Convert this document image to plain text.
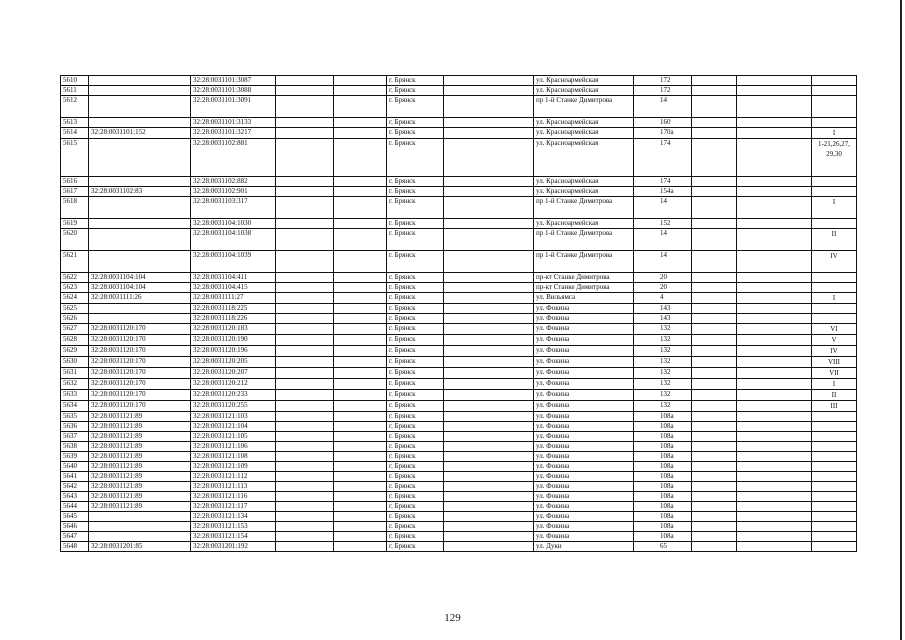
5610		32:28:0031101:3087			г. Брянск		ул. Красноармейская	172			
5611		32:28:0031101:3088			г. Брянск		ул. Красноармейская	172			
5612		32:28:0031101:3091			г. Брянск		пр 1-й Станке Димитрова	14			
5613		32:28:0031101:3133			г. Брянск		ул. Красноармейская	160			
5614	32:28:0031101:152	32:28:0031101:3217			г. Брянск		ул. Красноармейская	170а			I
5615		32:28:0031102:881			г. Брянск		ул. Красноармейская	174			1-21,26,27, 29,30
5616		32:28:0031102:882			г. Брянск		ул. Красноармейская	174			
5617	32:28:0031102:83	32:28:0031102:901			г. Брянск		ул. Красноармейская	154а			
5618		32:28:0031103:317			г. Брянск		пр 1-й Станке Димитрова	14			I
5619		32:28:0031104:1030			г. Брянск		ул. Красноармейская	152			
5620		32:28:0031104:1038			г. Брянск		пр 1-й Станке Димитрова	14			II
5621		32:28:0031104:1039			г. Брянск		пр 1-й Станке Димитрова	14			IV
5622	32:28:0031104:104	32:28:0031104:411			г. Брянск		пр-кт Станке Димитрова	20			
5623	32:28:0031104:104	32:28:0031104:415			г. Брянск		пр-кт Станке Димитрова	20			
5624	32:28:0031111:26	32:28:0031111:27			г. Брянск		ул. Вильямса	4			I
5625		32:28:0031118:225			г. Брянск		ул. Фокина	143			
5626		32:28:0031118:226			г. Брянск		ул. Фокина	143			
5627	32:28:0031120:170	32:28:0031120:183			г. Брянск		ул. Фокина	132			VI
5628	32:28:0031120:170	32:28:0031120:190			г. Брянск		ул. Фокина	132			V
5629	32:28:0031120:170	32:28:0031120:196			г. Брянск		ул. Фокина	132			IV
5630	32:28:0031120:170	32:28:0031120:205			г. Брянск		ул. Фокина	132			VIII
5631	32:28:0031120:170	32:28:0031120:207			г. Брянск		ул. Фокина	132			VII
5632	32:28:0031120:170	32:28:0031120:212			г. Брянск		ул. Фокина	132			I
5633	32:28:0031120:170	32:28:0031120:233			г. Брянск		ул. Фокина	132			II
5634	32:28:0031120:170	32:28:0031120:255			г. Брянск		ул. Фокина	132			III
5635	32:28:0031121:89	32:28:0031121:103			г. Брянск		ул. Фокина	108а			
5636	32:28:0031121:89	32:28:0031121:104			г. Брянск		ул. Фокина	108а			
5637	32:28:0031121:89	32:28:0031121:105			г. Брянск		ул. Фокина	108а			
5638	32:28:0031121:89	32:28:0031121:106			г. Брянск		ул. Фокина	108а			
5639	32:28:0031121:89	32:28:0031121:108			г. Брянск		ул. Фокина	108а			
5640	32:28:0031121:89	32:28:0031121:109			г. Брянск		ул. Фокина	108а			
5641	32:28:0031121:89	32:28:0031121:112			г. Брянск		ул. Фокина	108а			
5642	32:28:0031121:89	32:28:0031121:113			г. Брянск		ул. Фокина	108а			
5643	32:28:0031121:89	32:28:0031121:116			г. Брянск		ул. Фокина	108а			
5644	32:28:0031121:89	32:28:0031121:117			г. Брянск		ул. Фокина	108а			
5645		32:28:0031121:134			г. Брянск		ул. Фокина	108а			
5646		32:28:0031121:153			г. Брянск		ул. Фокина	108а			
5647		32:28:0031121:154			г. Брянск		ул. Фокина	108а			
5648	32:28:0031201:85	32:28:0031201:192			г. Брянск		ул. Дуки	65			
129
